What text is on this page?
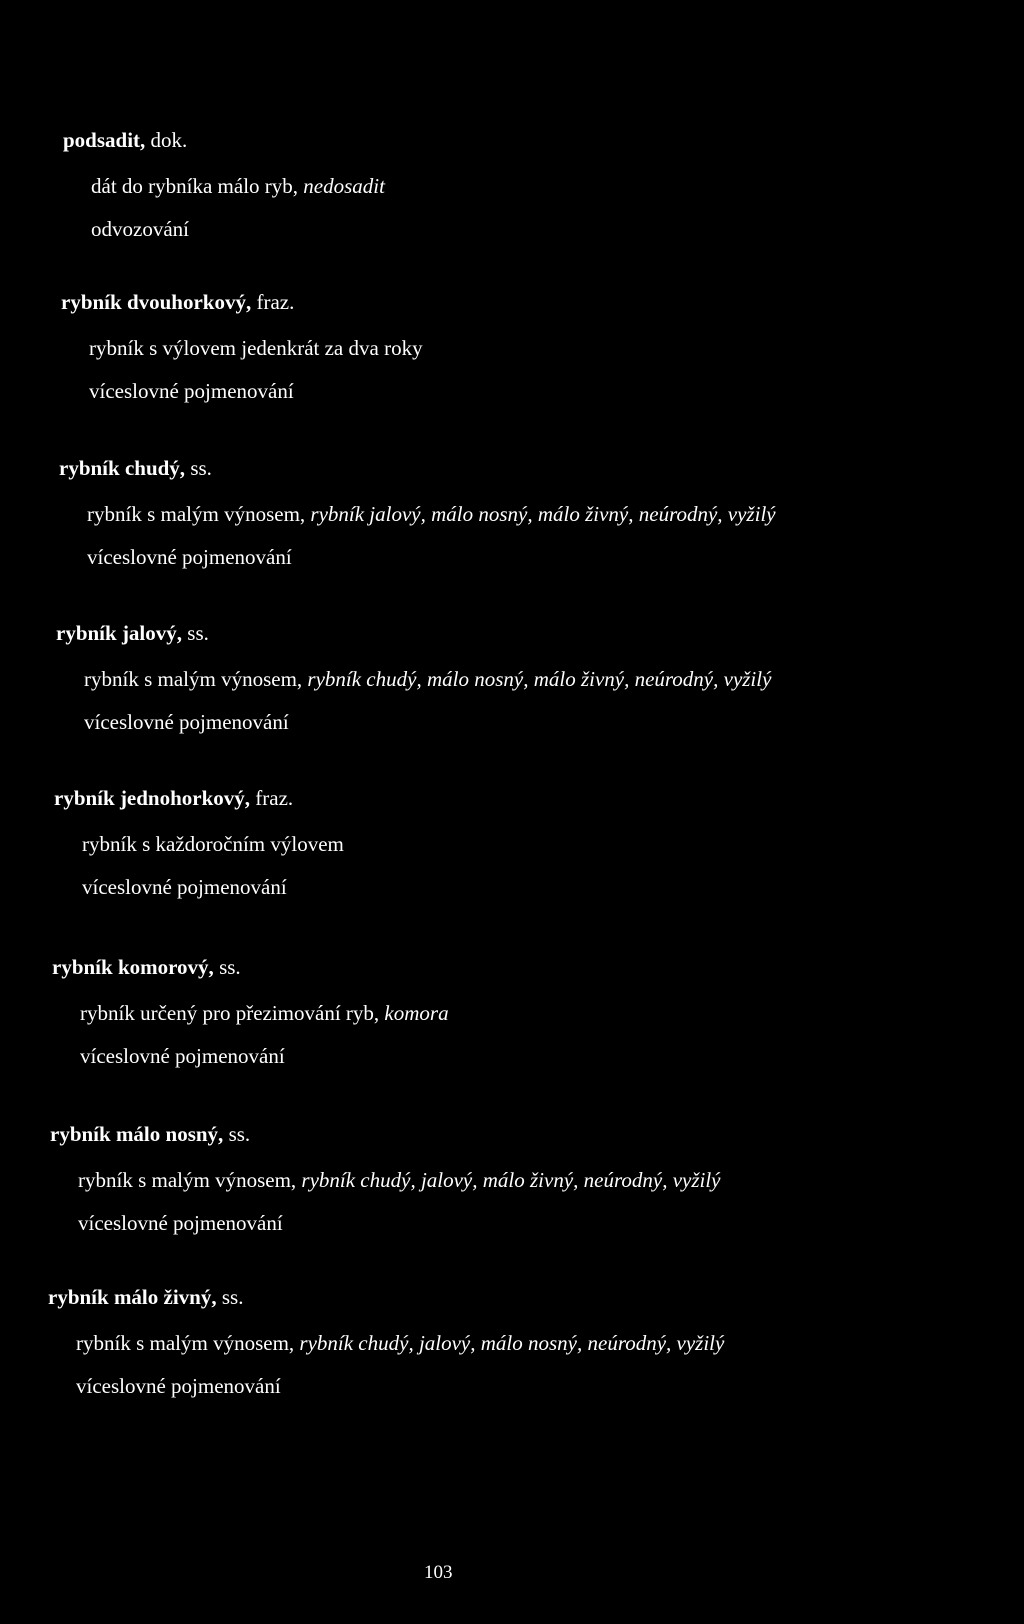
podsadit, dok.
dát do rybníka málo ryb, nedosadit
odvozování
rybník dvouhorkový, fraz.
rybník s výlovem jedenkrát za dva roky
víceslovné pojmenování
rybník chudý, ss.
rybník s malým výnosem, rybník jalový, málo nosný, málo živný, neúrodný, vyžilý
víceslovné pojmenování
rybník jalový, ss.
rybník s malým výnosem, rybník chudý, málo nosný, málo živný, neúrodný, vyžilý
víceslovné pojmenování
rybník jednohorkový, fraz.
rybník s každoročním výlovem
víceslovné pojmenování
rybník komorový, ss.
rybník určený pro přezimování ryb, komora
víceslovné pojmenování
rybník málo nosný, ss.
rybník s malým výnosem, rybník chudý, jalový, málo živný, neúrodný, vyžilý
víceslovné pojmenování
rybník málo živný, ss.
rybník s malým výnosem, rybník chudý, jalový, málo nosný, neúrodný, vyžilý
víceslovné pojmenování
103
